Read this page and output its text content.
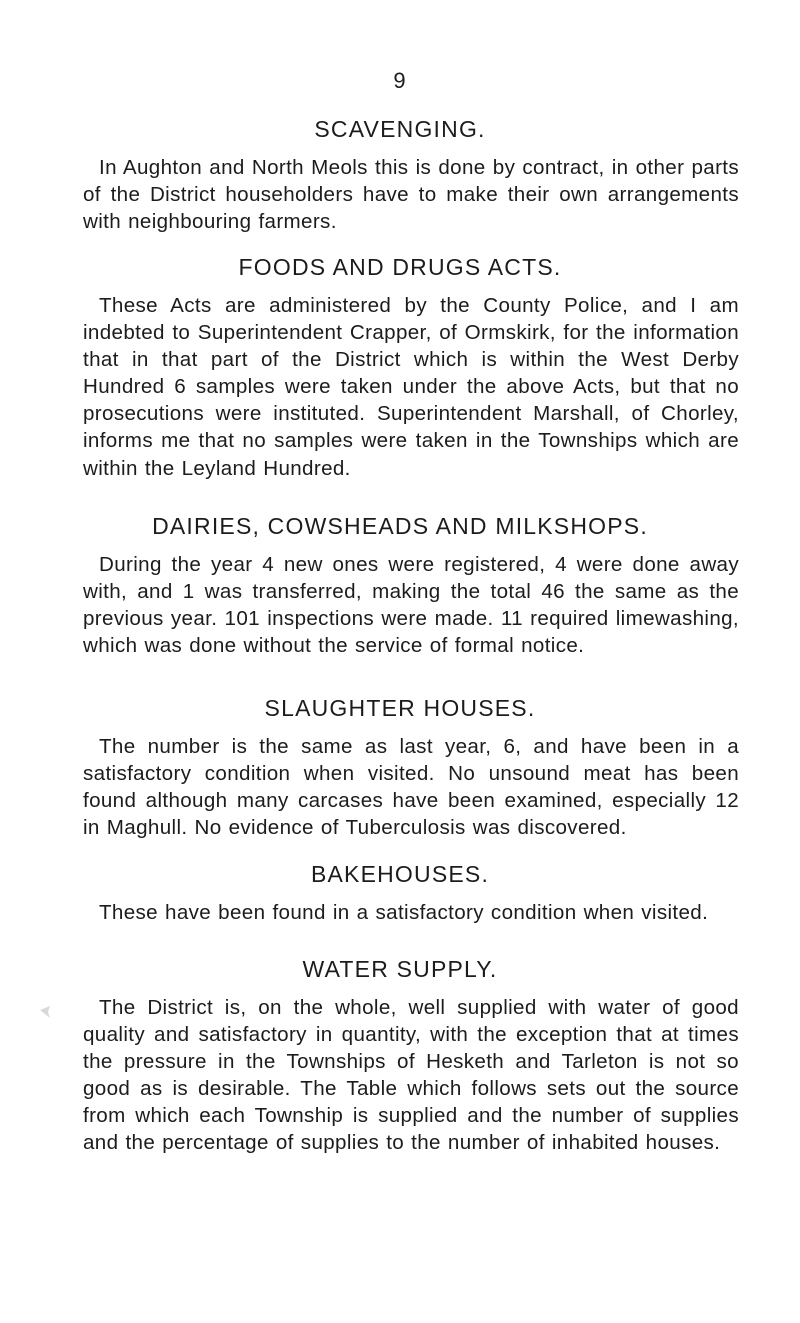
9
SCAVENGING.
In Aughton and North Meols this is done by contract, in other parts of the District householders have to make their own arrangements with neighbouring farmers.
FOODS AND DRUGS ACTS.
These Acts are administered by the County Police, and I am indebted to Superintendent Crapper, of Ormskirk, for the information that in that part of the District which is within the West Derby Hundred 6 samples were taken under the above Acts, but that no prosecutions were instituted. Superintendent Marshall, of Chorley, informs me that no samples were taken in the Townships which are within the Leyland Hundred.
DAIRIES, COWSHEADS AND MILKSHOPS.
During the year 4 new ones were registered, 4 were done away with, and 1 was transferred, making the total 46 the same as the previous year. 101 inspections were made. 11 required limewashing, which was done without the service of formal notice.
SLAUGHTER HOUSES.
The number is the same as last year, 6, and have been in a satisfactory condition when visited. No unsound meat has been found although many carcases have been examined, especially 12 in Maghull. No evidence of Tuberculosis was discovered.
BAKEHOUSES.
These have been found in a satisfactory condition when visited.
WATER SUPPLY.
The District is, on the whole, well supplied with water of good quality and satisfactory in quantity, with the exception that at times the pressure in the Townships of Hesketh and Tarleton is not so good as is desirable. The Table which follows sets out the source from which each Township is supplied and the number of supplies and the percentage of supplies to the number of inhabited houses.
